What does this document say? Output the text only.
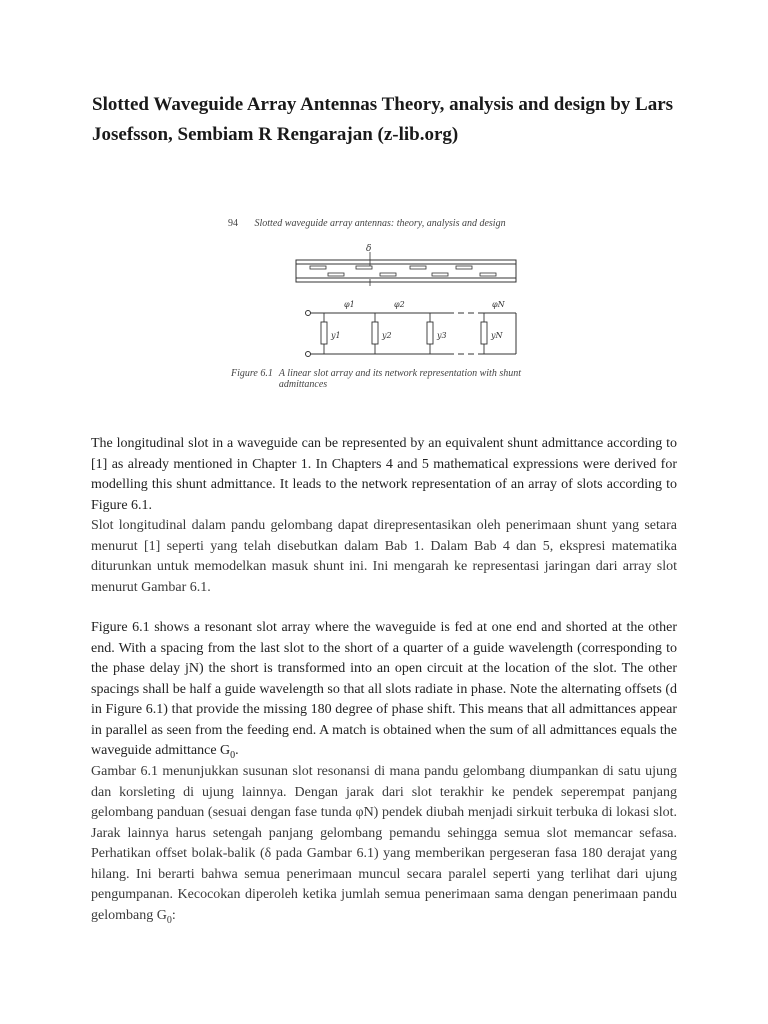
Slotted Waveguide Array Antennas Theory, analysis and design by Lars Josefsson, Sembiam R Rengarajan (z-lib.org)
94 Slotted waveguide array antennas: theory, analysis and design
δ
φ1	φ2	φN
y1	y2	y3	yN
Figure 6.1 A linear slot array and its network representation with shunt admittances

The longitudinal slot in a waveguide can be represented by an equivalent shunt admittance according to [1] as already mentioned in Chapter 1. In Chapters 4 and 5 mathematical expressions were derived for modelling this shunt admittance. It leads to the network representation of an array of slots according to Figure 6.1.

Slot longitudinal dalam pandu gelombang dapat direpresentasikan oleh penerimaan shunt yang setara menurut [1] seperti yang telah disebutkan dalam Bab 1. Dalam Bab 4 dan 5, ekspresi matematika diturunkan untuk memodelkan masuk shunt ini. Ini mengarah ke representasi jaringan dari array slot menurut Gambar 6.1.

Figure 6.1 shows a resonant slot array where the waveguide is fed at one end and shorted at the other end. With a spacing from the last slot to the short of a quarter of a guide wavelength (corresponding to the phase delay jN) the short is transformed into an open circuit at the location of the slot. The other spacings shall be half a guide wavelength so that all slots radiate in phase. Note the alternating offsets (d in Figure 6.1) that provide the missing 180 degree of phase shift. This means that all admittances appear in parallel as seen from the feeding end. A match is obtained when the sum of all admittances equals the waveguide admittance $G_0$.

Gambar 6.1 menunjukkan susunan slot resonansi di mana pandu gelombang diumpankan di satu ujung dan korsleting di ujung lainnya. Dengan jarak dari slot terakhir ke pendek seperempat panjang gelombang panduan (sesuai dengan fase tunda φN) pendek diubah menjadi sirkuit terbuka di lokasi slot. Jarak lainnya harus setengah panjang gelombang pemandu sehingga semua slot memancar sefasa. Perhatikan offset bolak-balik (δ pada Gambar 6.1) yang memberikan pergeseran fasa 180 derajat yang hilang. Ini berarti bahwa semua penerimaan muncul secara paralel seperti yang terlihat dari ujung pengumpanan. Kecocokan diperoleh ketika jumlah semua penerimaan sama dengan penerimaan pandu gelombang $G_0$:
